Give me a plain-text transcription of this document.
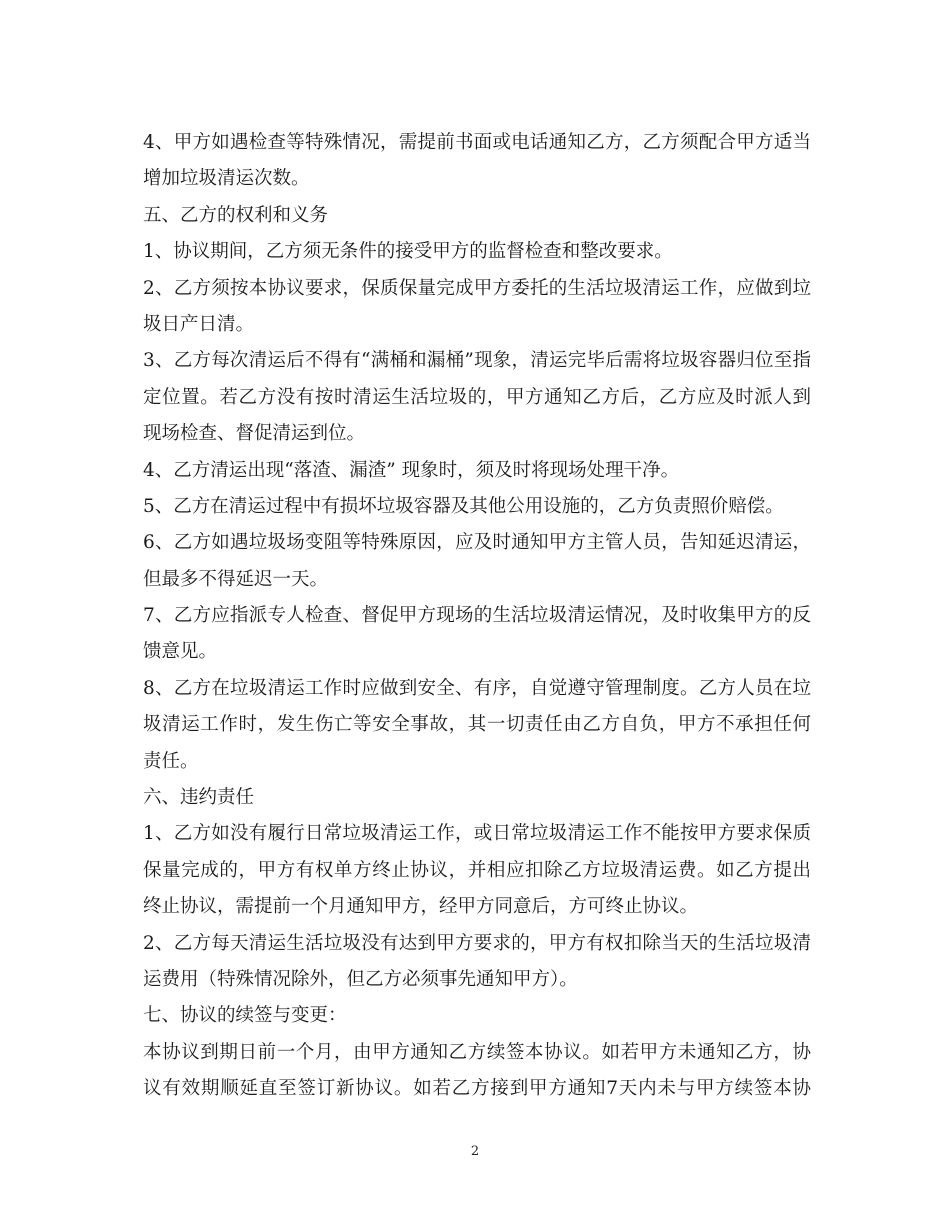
4、甲方如遇检查等特殊情况，需提前书面或电话通知乙方，乙方须配合甲方适当
增加垃圾清运次数。
五、乙方的权利和义务
1、协议期间，乙方须无条件的接受甲方的监督检查和整改要求。
2、乙方须按本协议要求，保质保量完成甲方委托的生活垃圾清运工作，应做到垃
圾日产日清。
3、乙方每次清运后不得有“满桶和漏桶”现象，清运完毕后需将垃圾容器归位至指
定位置。若乙方没有按时清运生活垃圾的，甲方通知乙方后，乙方应及时派人到
现场检查、督促清运到位。
4、乙方清运出现“落渣、漏渣” 现象时，须及时将现场处理干净。
5、乙方在清运过程中有损坏垃圾容器及其他公用设施的，乙方负责照价赔偿。
6、乙方如遇垃圾场变阻等特殊原因，应及时通知甲方主管人员，告知延迟清运，
但最多不得延迟一天。
7、乙方应指派专人检查、督促甲方现场的生活垃圾清运情况，及时收集甲方的反
馈意见。
8、乙方在垃圾清运工作时应做到安全、有序，自觉遵守管理制度。乙方人员在垃
圾清运工作时，发生伤亡等安全事故，其一切责任由乙方自负，甲方不承担任何
责任。
六、违约责任
1、乙方如没有履行日常垃圾清运工作，或日常垃圾清运工作不能按甲方要求保质
保量完成的，甲方有权单方终止协议，并相应扣除乙方垃圾清运费。如乙方提出
终止协议，需提前一个月通知甲方，经甲方同意后，方可终止协议。
2、乙方每天清运生活垃圾没有达到甲方要求的，甲方有权扣除当天的生活垃圾清
运费用（特殊情况除外，但乙方必须事先通知甲方）。
七、协议的续签与变更：
本协议到期日前一个月，由甲方通知乙方续签本协议。如若甲方未通知乙方，协
议有效期顺延直至签订新协议。如若乙方接到甲方通知7天内未与甲方续签本协
2
